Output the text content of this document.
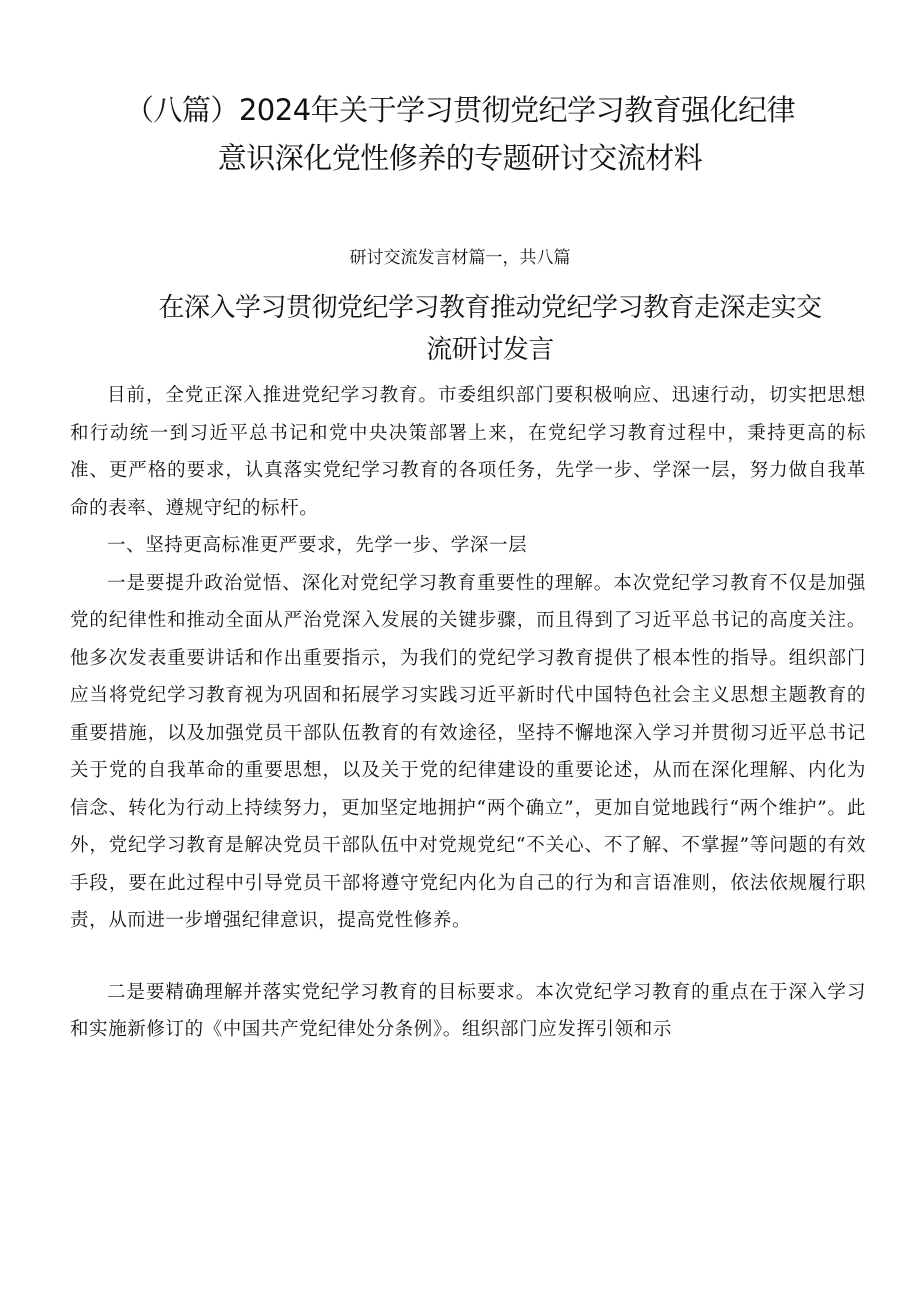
（八篇）2024年关于学习贯彻党纪学习教育强化纪律
意识深化党性修养的专题研讨交流材料
研讨交流发言材篇一，共八篇
在深入学习贯彻党纪学习教育推动党纪学习教育走深走实交
流研讨发言

目前，全党正深入推进党纪学习教育。市委组织部门要积极响应、迅速行动，切实把思想和行动统一到习近平总书记和党中央决策部署上来，在党纪学习教育过程中，秉持更高的标准、更严格的要求，认真落实党纪学习教育的各项任务，先学一步、学深一层，努力做自我革命的表率、遵规守纪的标杆。

一、坚持更高标准更严要求，先学一步、学深一层

一是要提升政治觉悟、深化对党纪学习教育重要性的理解。本次党纪学习教育不仅是加强党的纪律性和推动全面从严治党深入发展的关键步骤，而且得到了习近平总书记的高度关注。他多次发表重要讲话和作出重要指示，为我们的党纪学习教育提供了根本性的指导。组织部门应当将党纪学习教育视为巩固和拓展学习实践习近平新时代中国特色社会主义思想主题教育的重要措施，以及加强党员干部队伍教育的有效途径，坚持不懈地深入学习并贯彻习近平总书记关于党的自我革命的重要思想，以及关于党的纪律建设的重要论述，从而在深化理解、内化为信念、转化为行动上持续努力，更加坚定地拥护“两个确立”，更加自觉地践行“两个维护”。此外，党纪学习教育是解决党员干部队伍中对党规党纪“不关心、不了解、不掌握”等问题的有效手段，要在此过程中引导党员干部将遵守党纪内化为自己的行为和言语准则，依法依规履行职责，从而进一步增强纪律意识，提高党性修养。

二是要精确理解并落实党纪学习教育的目标要求。本次党纪学习教育的重点在于深入学习和实施新修订的《中国共产党纪律处分条例》。组织部门应发挥引领和示
